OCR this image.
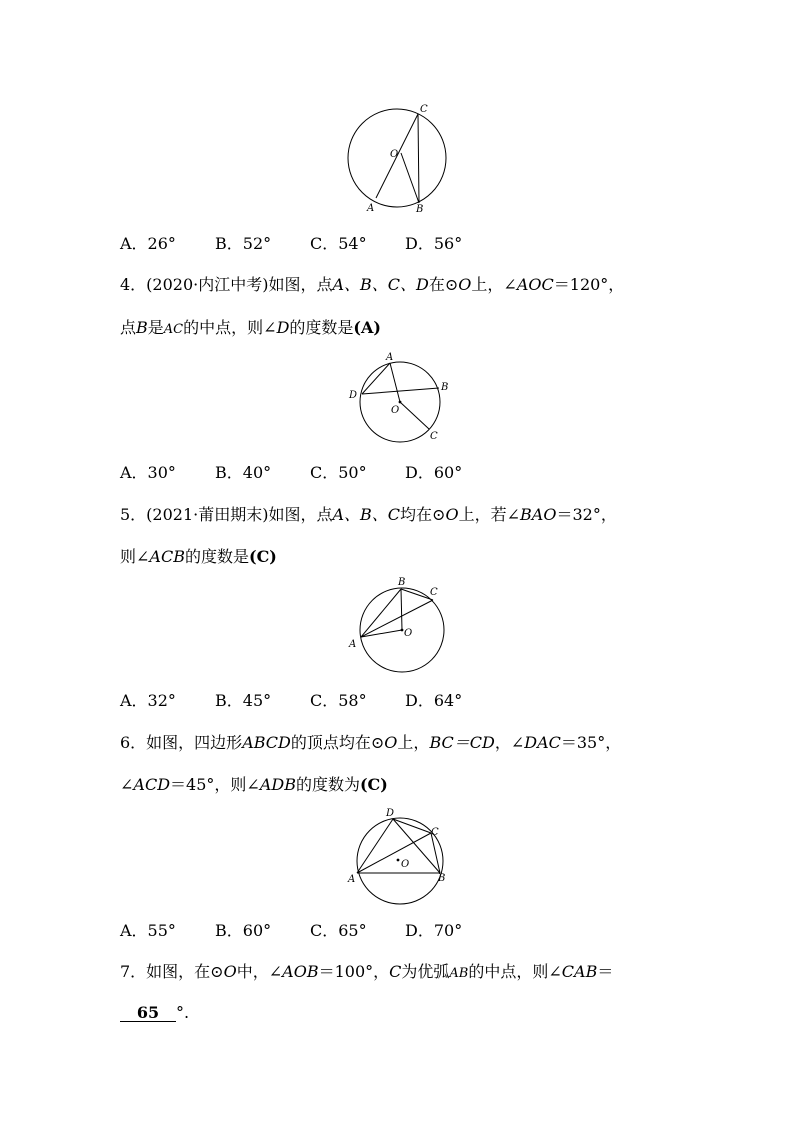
C
O
A	B
A．26° B．52° C．54° D．56°
4．(2020·内江中考)如图，点A、B、C、D在⊙O上，∠AOC＝120°，
点B是AC的中点，则∠D的度数是(A)
A
B
D
O
C
A．30° B．40° C．50° D．60°
5．(2021·莆田期末)如图，点A、B、C均在⊙O上，若∠BAO＝32°，
则∠ACB的度数是(C)
B
C
A
O
A．32° B．45° C．58° D．64°
6．如图，四边形ABCD的顶点均在⊙O上，BC＝CD，∠DAC＝35°，
∠ACD＝45°，则∠ADB的度数为(C)
D
C
O
A	B
A．55° B．60° C．65° D．70°
7．如图，在⊙O中，∠AOB＝100°，C为优弧AB的中点，则∠CAB＝
65 °.
